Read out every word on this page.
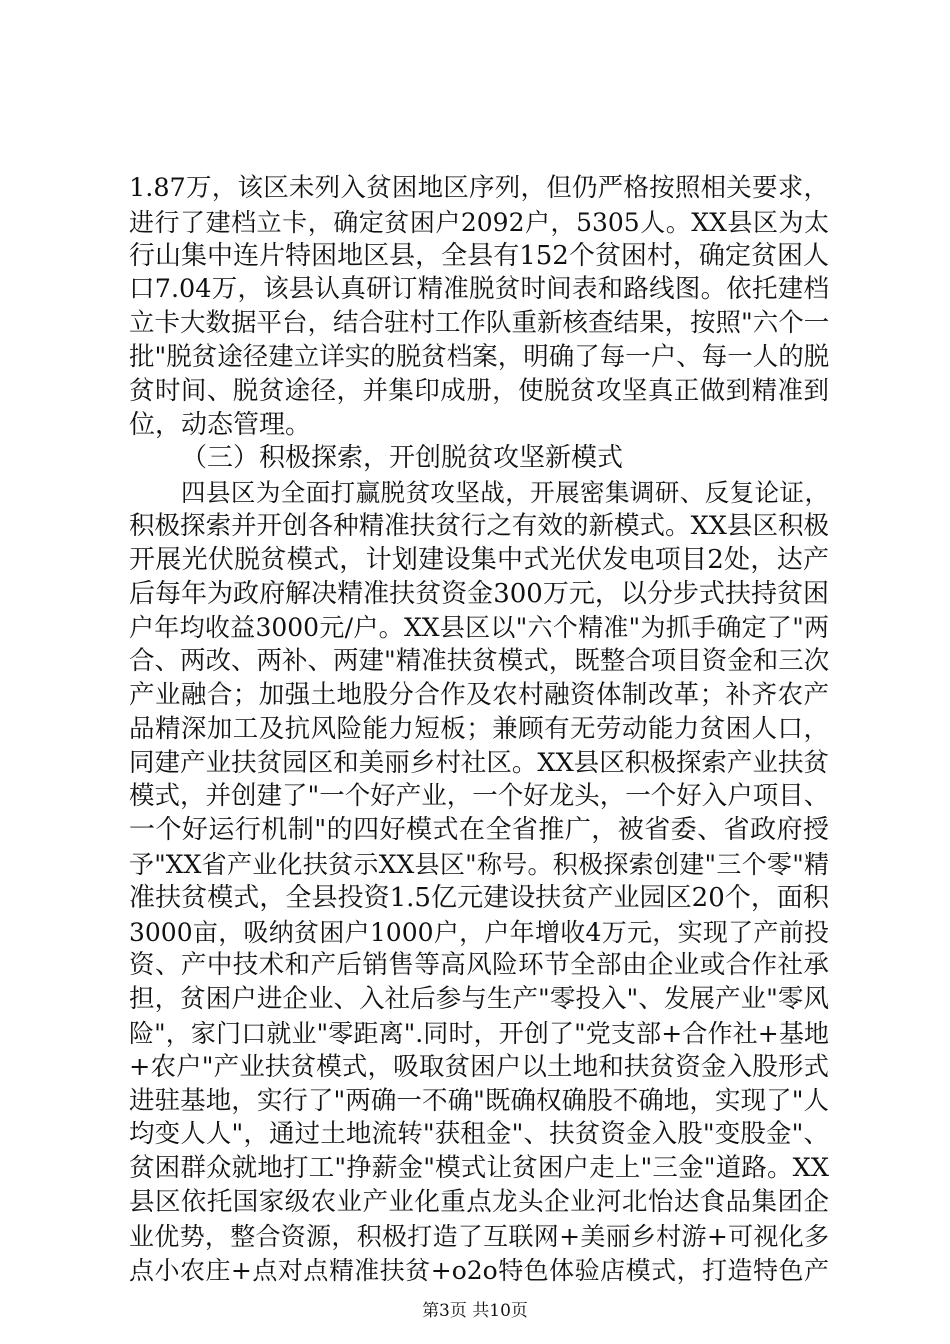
1.87万，该区未列入贫困地区序列，但仍严格按照相关要求，
进行了建档立卡，确定贫困户2092户，5305人。XX县区为太
行山集中连片特困地区县，全县有152个贫困村，确定贫困人
口7.04万，该县认真研订精准脱贫时间表和路线图。依托建档
立卡大数据平台，结合驻村工作队重新核查结果，按照"六个一
批"脱贫途径建立详实的脱贫档案，明确了每一户、每一人的脱
贫时间、脱贫途径，并集印成册，使脱贫攻坚真正做到精准到
位，动态管理。
（三）积极探索，开创脱贫攻坚新模式
四县区为全面打赢脱贫攻坚战，开展密集调研、反复论证，
积极探索并开创各种精准扶贫行之有效的新模式。XX县区积极
开展光伏脱贫模式，计划建设集中式光伏发电项目2处，达产
后每年为政府解决精准扶贫资金300万元，以分步式扶持贫困
户年均收益3000元/户。XX县区以"六个精准"为抓手确定了"两
合、两改、两补、两建"精准扶贫模式，既整合项目资金和三次
产业融合；加强土地股分合作及农村融资体制改革；补齐农产
品精深加工及抗风险能力短板；兼顾有无劳动能力贫困人口，
同建产业扶贫园区和美丽乡村社区。XX县区积极探索产业扶贫
模式，并创建了"一个好产业，一个好龙头，一个好入户项目、
一个好运行机制"的四好模式在全省推广，被省委、省政府授
予"XX省产业化扶贫示XX县区"称号。积极探索创建"三个零"精
准扶贫模式，全县投资1.5亿元建设扶贫产业园区20个，面积
3000亩，吸纳贫困户1000户，户年增收4万元，实现了产前投
资、产中技术和产后销售等高风险环节全部由企业或合作社承
担，贫困户进企业、入社后参与生产"零投入"、发展产业"零风
险"，家门口就业"零距离".同时，开创了"党支部+合作社+基地
+农户"产业扶贫模式，吸取贫困户以土地和扶贫资金入股形式
进驻基地，实行了"两确一不确"既确权确股不确地，实现了"人
均变人人"，通过土地流转"获租金"、扶贫资金入股"变股金"、
贫困群众就地打工"挣薪金"模式让贫困户走上"三金"道路。XX
县区依托国家级农业产业化重点龙头企业河北怡达食品集团企
业优势，整合资源，积极打造了互联网+美丽乡村游+可视化多
点小农庄+点对点精准扶贫+o2o特色体验店模式，打造特色产
第3页 共10页
